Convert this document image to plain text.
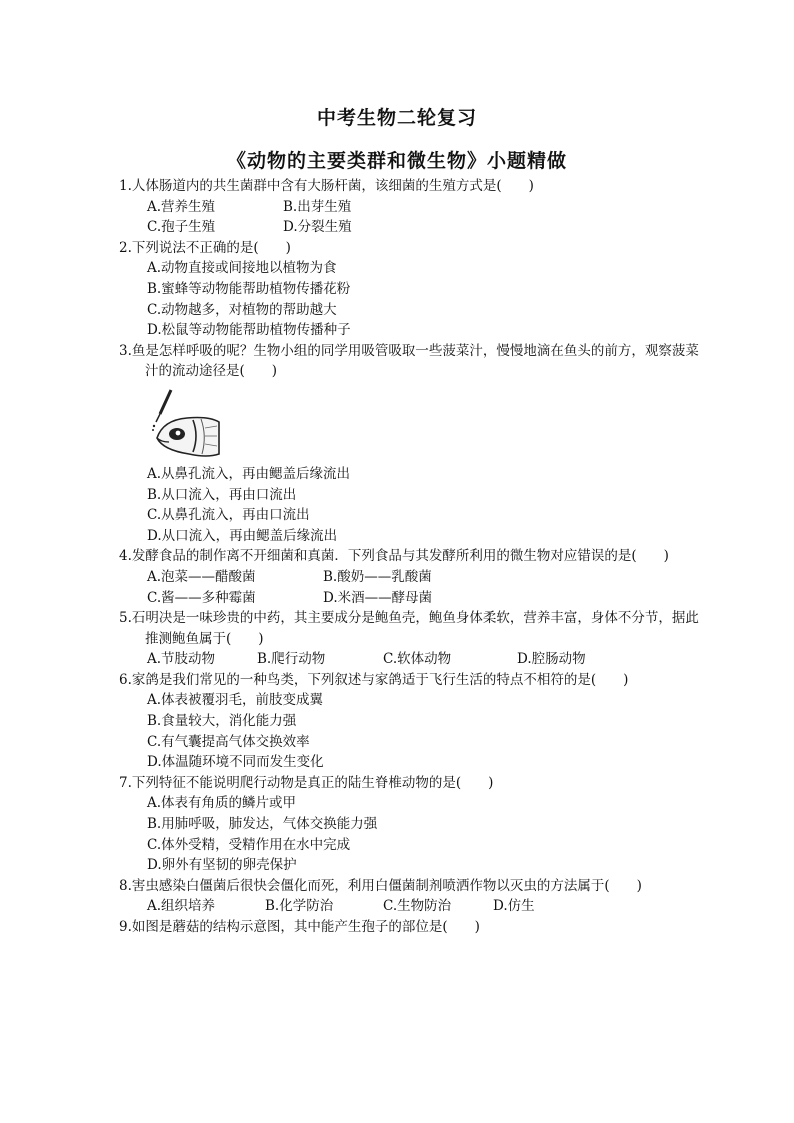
中考生物二轮复习
《动物的主要类群和微生物》小题精做
1.人体肠道内的共生菌群中含有大肠杆菌，该细菌的生殖方式是(　　)
A.营养生殖	B.出芽生殖
C.孢子生殖	D.分裂生殖
2.下列说法不正确的是(　　)
A.动物直接或间接地以植物为食
B.蜜蜂等动物能帮助植物传播花粉
C.动物越多，对植物的帮助越大
D.松鼠等动物能帮助植物传播种子
3.鱼是怎样呼吸的呢？生物小组的同学用吸管吸取一些菠菜汁，慢慢地滴在鱼头的前方，观察菠菜汁的流动途径是(　　)
A.从鼻孔流入，再由鳃盖后缘流出
B.从口流入，再由口流出
C.从鼻孔流入，再由口流出
D.从口流入，再由鳃盖后缘流出
4.发酵食品的制作离不开细菌和真菌．下列食品与其发酵所利用的微生物对应错误的是(　　)
A.泡菜——醋酸菌	B.酸奶——乳酸菌
C.酱——多种霉菌	D.米酒——酵母菌
5.石明决是一味珍贵的中药，其主要成分是鲍鱼壳，鲍鱼身体柔软，营养丰富，身体不分节，据此推测鲍鱼属于(　　)
A.节肢动物	B.爬行动物	C.软体动物	D.腔肠动物
6.家鸽是我们常见的一种鸟类，下列叙述与家鸽适于飞行生活的特点不相符的是(　　)
A.体表被覆羽毛，前肢变成翼
B.食量较大，消化能力强
C.有气囊提高气体交换效率
D.体温随环境不同而发生变化
7.下列特征不能说明爬行动物是真正的陆生脊椎动物的是(　　)
A.体表有角质的鳞片或甲
B.用肺呼吸，肺发达，气体交换能力强
C.体外受精，受精作用在水中完成
D.卵外有坚韧的卵壳保护
8.害虫感染白僵菌后很快会僵化而死，利用白僵菌制剂喷洒作物以灭虫的方法属于(　　)
A.组织培养	B.化学防治	C.生物防治	D.仿生
9.如图是蘑菇的结构示意图，其中能产生孢子的部位是(　　)
